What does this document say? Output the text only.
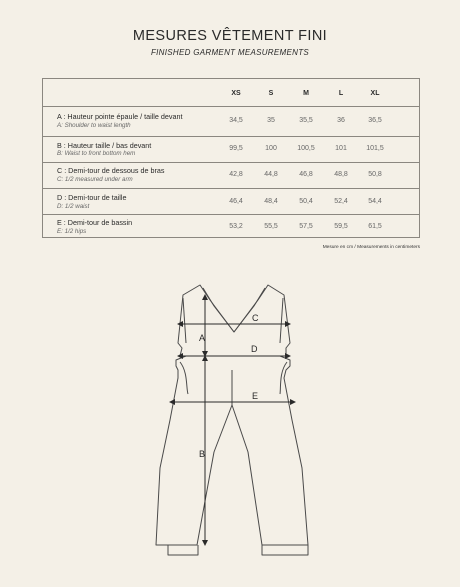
MESURES VÊTEMENT FINI
FINISHED GARMENT MEASUREMENTS
XS	S	M	L	XL
A : Hauteur pointe épaule / taille devant
A: Shoulder to waist length
34,5	35	35,5	36	36,5
B : Hauteur taille / bas devant
B: Waist to front bottom hem
99,5	100	100,5	101	101,5
C : Demi-tour de dessous de bras
C: 1/2 measured under arm
42,8	44,8	46,8	48,8	50,8
D : Demi-tour de taille
D: 1/2 waist
46,4	48,4	50,4	52,4	54,4
E : Demi-tour de bassin
E: 1/2 hips
53,2	55,5	57,5	59,5	61,5
Mesure en cm / Measurements in centimeters
C
A
D
E
B
